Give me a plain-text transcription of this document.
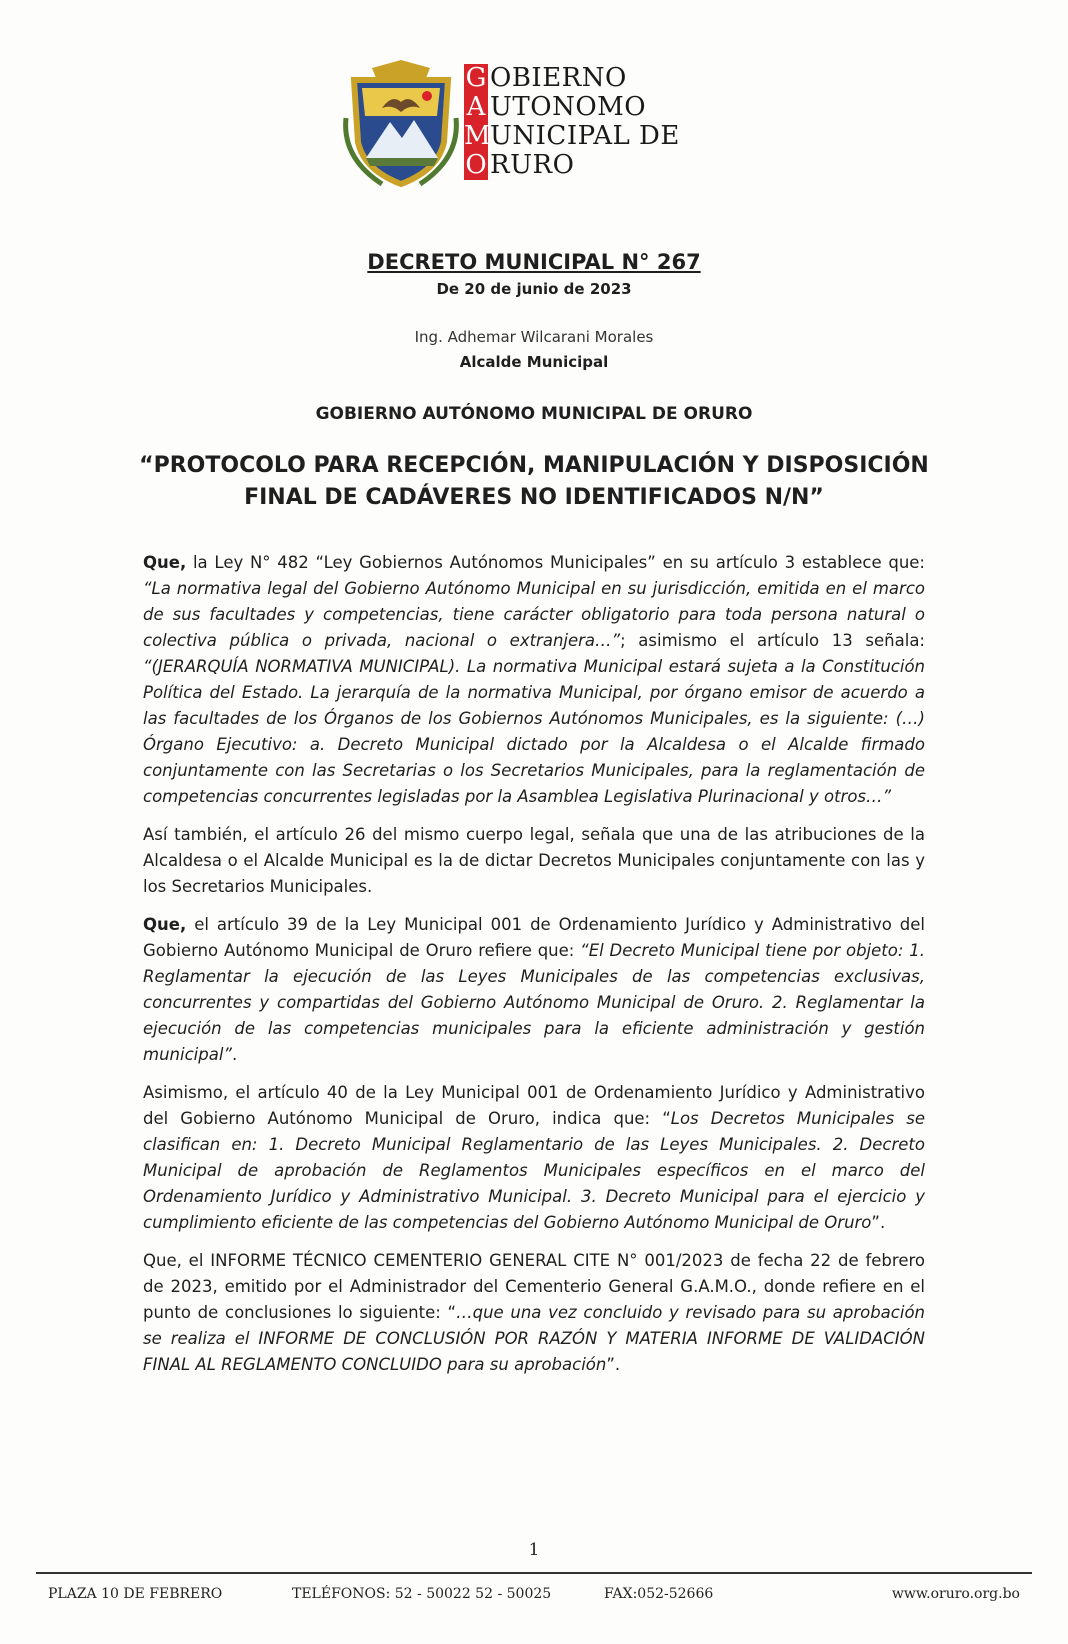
G OBIERNO
A UTONOMO
M UNICIPAL DE
O RURO
DECRETO MUNICIPAL N° 267
De 20 de junio de 2023
Ing. Adhemar Wilcarani Morales
Alcalde Municipal
GOBIERNO AUTÓNOMO MUNICIPAL DE ORURO
“PROTOCOLO PARA RECEPCIÓN, MANIPULACIÓN Y DISPOSICIÓN
FINAL DE CADÁVERES NO IDENTIFICADOS N/N”

Que, la Ley N° 482 “Ley Gobiernos Autónomos Municipales” en su artículo 3 establece que: “La normativa legal del Gobierno Autónomo Municipal en su jurisdicción, emitida en el marco de sus facultades y competencias, tiene carácter obligatorio para toda persona natural o colectiva pública o privada, nacional o extranjera…”; asimismo el artículo 13 señala: “(JERARQUÍA NORMATIVA MUNICIPAL). La normativa Municipal estará sujeta a la Constitución Política del Estado. La jerarquía de la normativa Municipal, por órgano emisor de acuerdo a las facultades de los Órganos de los Gobiernos Autónomos Municipales, es la siguiente: (…) Órgano Ejecutivo: a. Decreto Municipal dictado por la Alcaldesa o el Alcalde firmado conjuntamente con las Secretarias o los Secretarios Municipales, para la reglamentación de competencias concurrentes legisladas por la Asamblea Legislativa Plurinacional y otros…”

Así también, el artículo 26 del mismo cuerpo legal, señala que una de las atribuciones de la Alcaldesa o el Alcalde Municipal es la de dictar Decretos Municipales conjuntamente con las y los Secretarios Municipales.

Que, el artículo 39 de la Ley Municipal 001 de Ordenamiento Jurídico y Administrativo del Gobierno Autónomo Municipal de Oruro refiere que: “El Decreto Municipal tiene por objeto: 1. Reglamentar la ejecución de las Leyes Municipales de las competencias exclusivas, concurrentes y compartidas del Gobierno Autónomo Municipal de Oruro. 2. Reglamentar la ejecución de las competencias municipales para la eficiente administración y gestión municipal”.

Asimismo, el artículo 40 de la Ley Municipal 001 de Ordenamiento Jurídico y Administrativo del Gobierno Autónomo Municipal de Oruro, indica que: “Los Decretos Municipales se clasifican en: 1. Decreto Municipal Reglamentario de las Leyes Municipales. 2. Decreto Municipal de aprobación de Reglamentos Municipales específicos en el marco del Ordenamiento Jurídico y Administrativo Municipal. 3. Decreto Municipal para el ejercicio y cumplimiento eficiente de las competencias del Gobierno Autónomo Municipal de Oruro”.

Que, el INFORME TÉCNICO CEMENTERIO GENERAL CITE N° 001/2023 de fecha 22 de febrero de 2023, emitido por el Administrador del Cementerio General G.A.M.O., donde refiere en el punto de conclusiones lo siguiente: “…que una vez concluido y revisado para su aprobación se realiza el INFORME DE CONCLUSIÓN POR RAZÓN Y MATERIA INFORME DE VALIDACIÓN FINAL AL REGLAMENTO CONCLUIDO para su aprobación”.

1
PLAZA 10 DE FEBRERO	TELÉFONOS: 52 - 50022 52 - 50025	FAX:052-52666	www.oruro.org.bo
